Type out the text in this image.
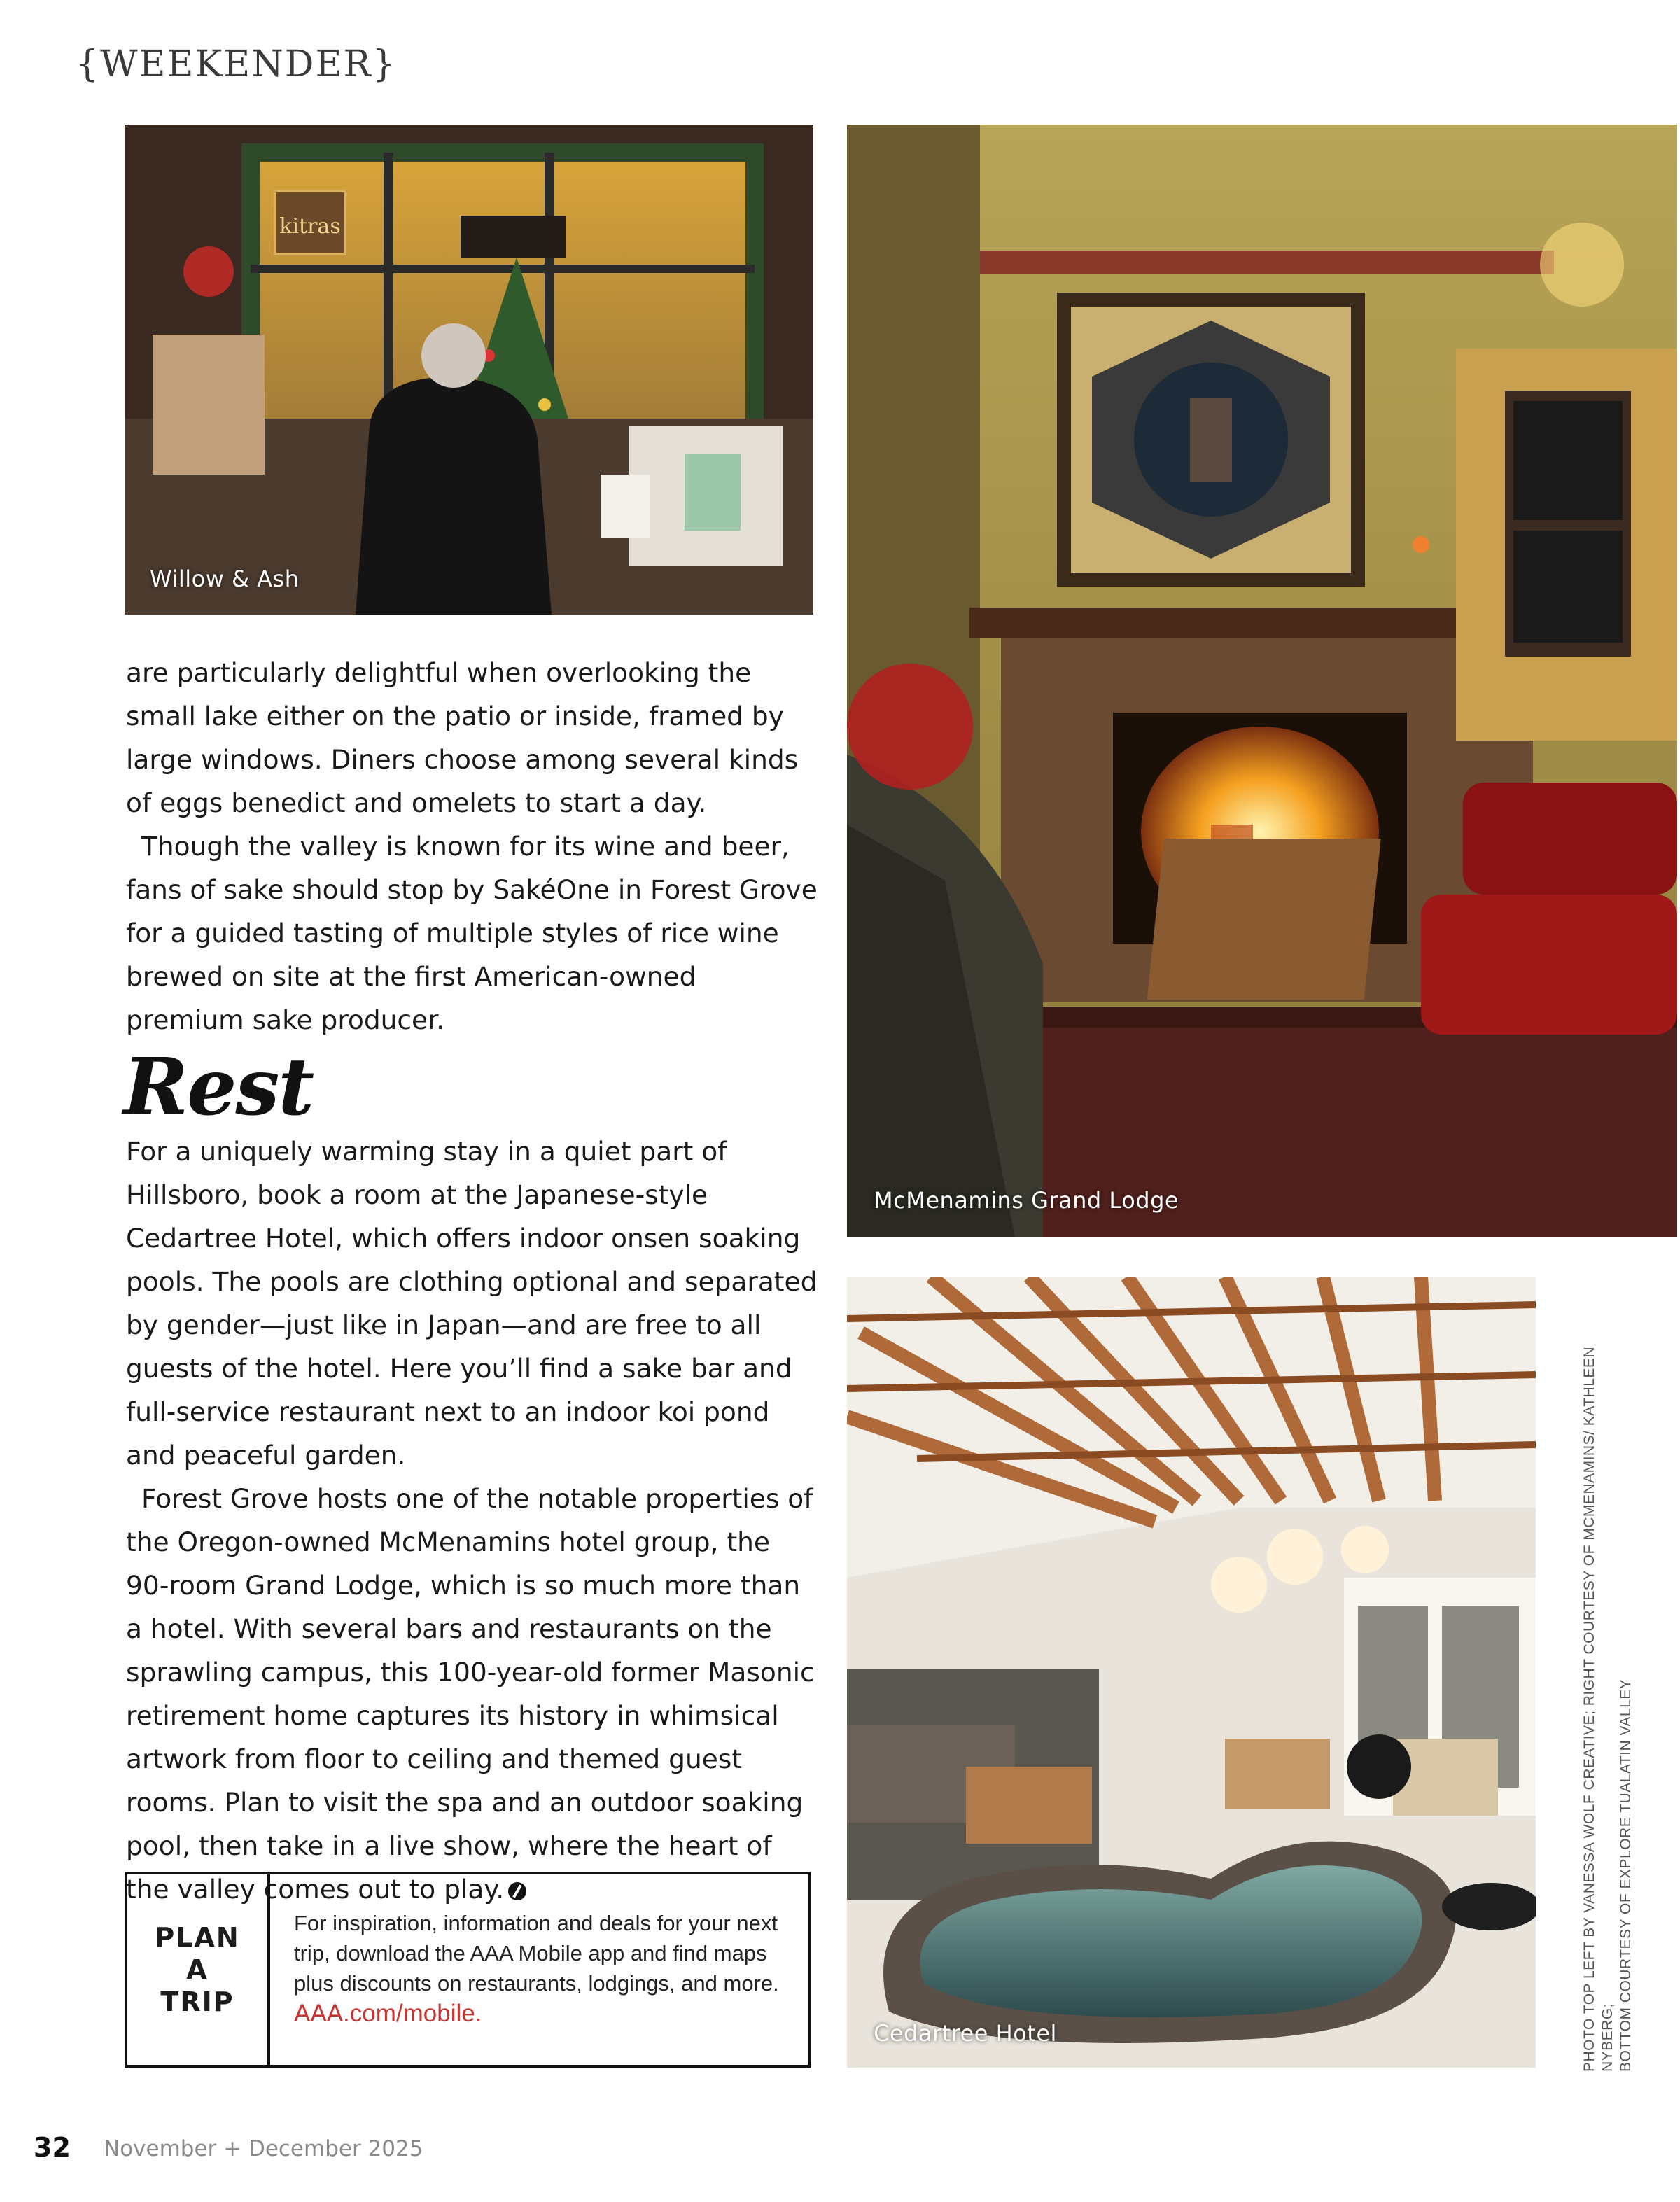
{WEEKENDER}
kitras
Willow & Ash
McMenamins Grand Lodge
Cedartree Hotel

are particularly delightful when overlooking the small lake either on the patio or inside, framed by large windows. Diners choose among several kinds of eggs benedict and omelets to start a day.

Though the valley is known for its wine and beer, fans of sake should stop by SakéOne in Forest Grove for a guided tasting of multiple styles of rice wine brewed on site at the first American-owned premium sake producer.

Rest

For a uniquely warming stay in a quiet part of Hillsboro, book a room at the Japanese-style Cedartree Hotel, which offers indoor onsen soaking pools. The pools are clothing optional and separated by gender—just like in Japan—and are free to all guests of the hotel. Here you’ll find a sake bar and full-service restaurant next to an indoor koi pond and peaceful garden.

Forest Grove hosts one of the notable properties of the Oregon-owned McMenamins hotel group, the 90-room Grand Lodge, which is so much more than a hotel. With several bars and restaurants on the sprawling campus, this 100-year-old former Masonic retirement home captures its history in whimsical artwork from floor to ceiling and themed guest rooms. Plan to visit the spa and an outdoor soaking pool, then take in a live show, where the heart of the valley comes out to play.

PLAN
A
TRIP
For inspiration, information and deals for your next trip, download the AAA Mobile app and find maps plus discounts on restaurants, lodgings, and more. AAA.com/mobile.	PHOTO TOP LEFT BY VANESSA WOLF CREATIVE; RIGHT COURTESY OF MCMENAMINS/ KATHLEEN NYBERG; BOTTOM COURTESY OF EXPLORE TUALATIN VALLEY
32 November + December 2025
